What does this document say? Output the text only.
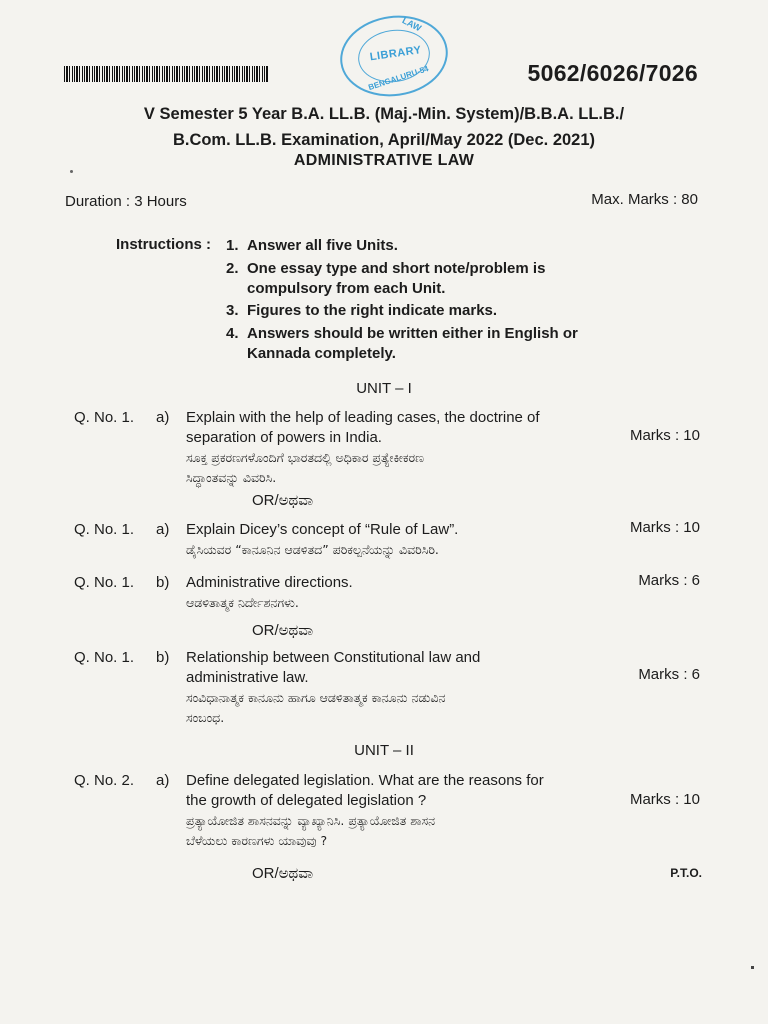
LAW
LIBRARY
BENGALURU-54	5062/6026/7026
V Semester 5 Year B.A. LL.B. (Maj.-Min. System)/B.B.A. LL.B./
B.Com. LL.B. Examination, April/May 2022 (Dec. 2021)
ADMINISTRATIVE LAW
Duration : 3 Hours	Max. Marks : 80
Instructions : 1. Answer all five Units.
2. One essay type and short note/problem is
compulsory from each Unit.
3. Figures to the right indicate marks.
4. Answers should be written either in English or
Kannada completely.
UNIT – I
Q. No. 1. a) Explain with the help of leading cases, the doctrine of
separation of powers in India.
ಸೂಕ್ತ ಪ್ರಕರಣಗಳೊಂದಿಗೆ ಭಾರತದಲ್ಲಿ ಅಧಿಕಾರ ಪ್ರತ್ಯೇಕೀಕರಣ
ಸಿದ್ಧಾಂತವನ್ನು ವಿವರಿಸಿ.
Marks : 10
OR/ಅಥವಾ
Q. No. 1. a) Explain Dicey’s concept of “Rule of Law”.
ಡೈಸಿಯವರ “ಕಾನೂನಿನ ಆಡಳಿತದ” ಪರಿಕಲ್ಪನೆಯನ್ನು ವಿವರಿಸಿರಿ.
Marks : 10
Q. No. 1. b) Administrative directions.
ಆಡಳಿತಾತ್ಮಕ ನಿರ್ದೇಶನಗಳು.
Marks : 6
OR/ಅಥವಾ
Q. No. 1. b) Relationship between Constitutional law and
administrative law.
ಸಂವಿಧಾನಾತ್ಮಕ ಕಾನೂನು ಹಾಗೂ ಆಡಳಿತಾತ್ಮಕ ಕಾನೂನು ನಡುವಿನ
ಸಂಬಂಧ.
Marks : 6
UNIT – II
Q. No. 2. a) Define delegated legislation. What are the reasons for
the growth of delegated legislation ?
ಪ್ರತ್ಯಾಯೋಜಿತ ಶಾಸನವನ್ನು ವ್ಯಾಖ್ಯಾನಿಸಿ. ಪ್ರತ್ಯಾಯೋಜಿತ ಶಾಸನ
ಬೆಳೆಯಲು ಕಾರಣಗಳು ಯಾವುವು ?
Marks : 10
OR/ಅಥವಾ	P.T.O.
